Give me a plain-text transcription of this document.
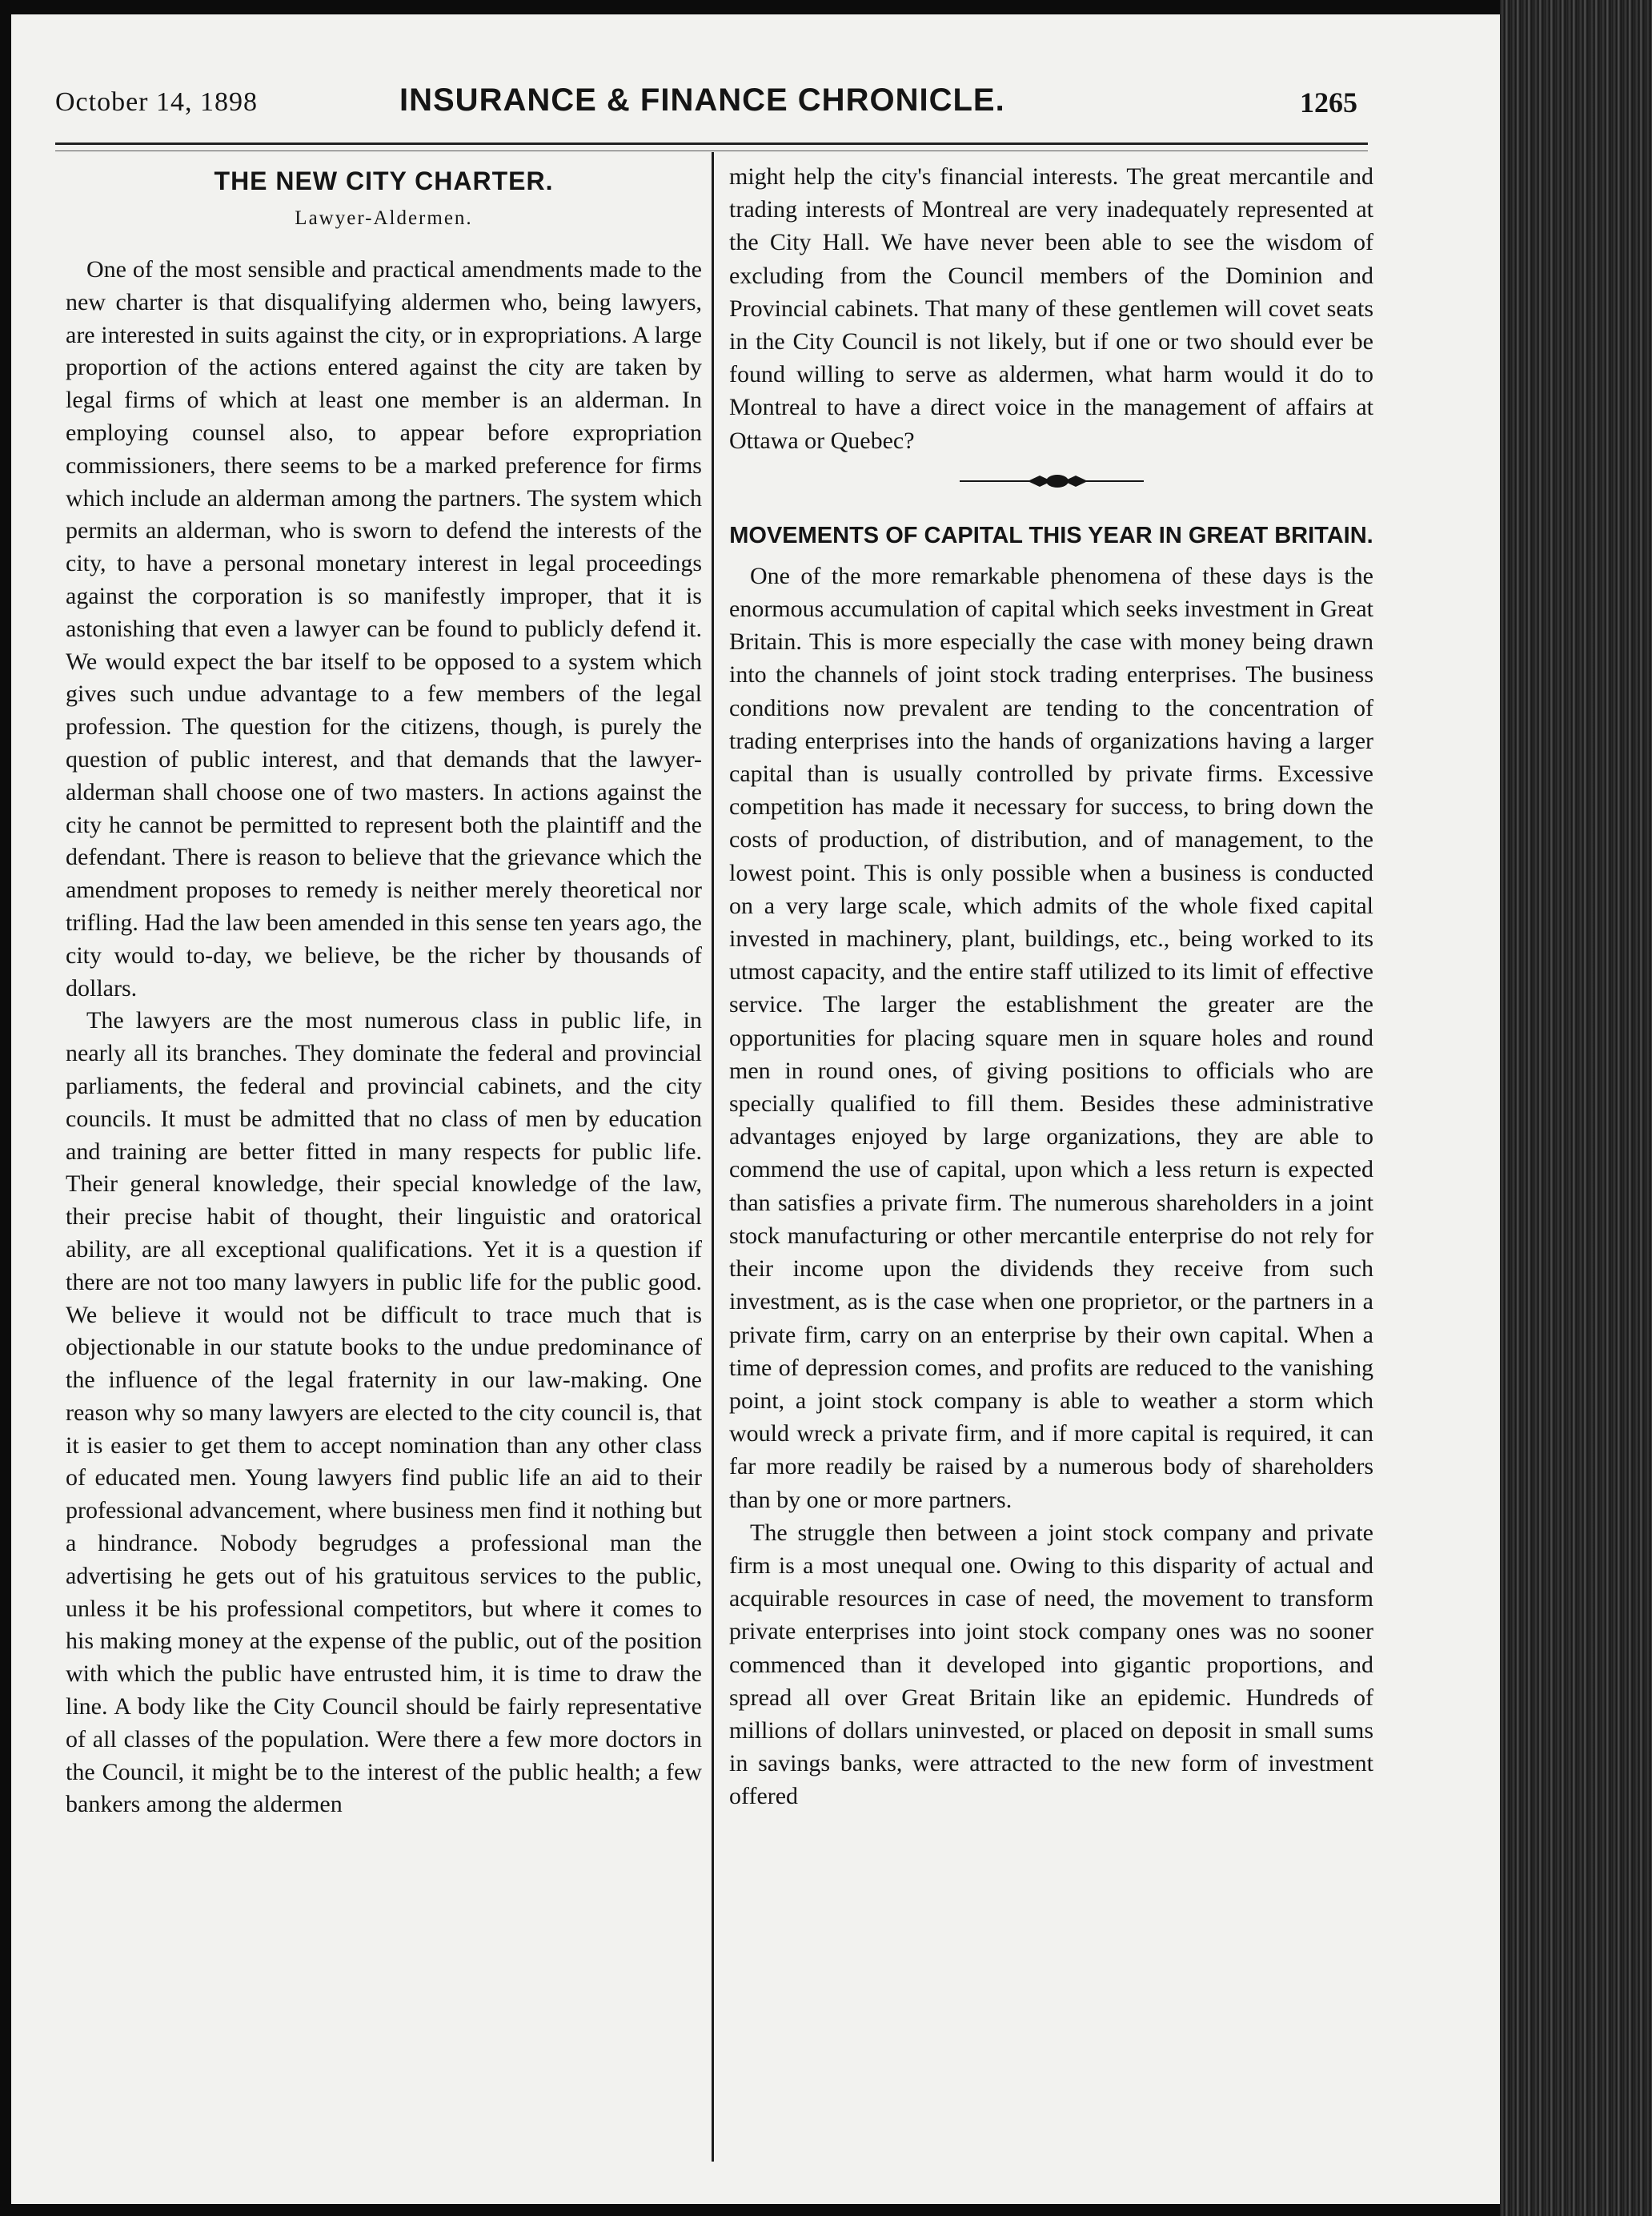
October 14, 1898	INSURANCE & FINANCE CHRONICLE.	1265
THE NEW CITY CHARTER.
Lawyer-Aldermen.

One of the most sensible and practical amendments made to the new charter is that disqualifying aldermen who, being lawyers, are interested in suits against the city, or in expropriations. A large proportion of the actions entered against the city are taken by legal firms of which at least one member is an alderman. In employing counsel also, to appear before expropriation commissioners, there seems to be a marked preference for firms which include an alderman among the partners. The system which permits an alderman, who is sworn to defend the interests of the city, to have a personal monetary interest in legal proceedings against the corporation is so manifestly improper, that it is astonishing that even a lawyer can be found to publicly defend it. We would expect the bar itself to be opposed to a system which gives such undue advantage to a few members of the legal profession. The question for the citizens, though, is purely the question of public interest, and that demands that the lawyer-alderman shall choose one of two masters. In actions against the city he cannot be permitted to represent both the plaintiff and the defendant. There is reason to believe that the grievance which the amendment proposes to remedy is neither merely theoretical nor trifling. Had the law been amended in this sense ten years ago, the city would to-day, we believe, be the richer by thousands of dollars.

The lawyers are the most numerous class in public life, in nearly all its branches. They dominate the federal and provincial parliaments, the federal and provincial cabinets, and the city councils. It must be admitted that no class of men by education and training are better fitted in many respects for public life. Their general knowledge, their special knowledge of the law, their precise habit of thought, their linguistic and oratorical ability, are all exceptional qualifications. Yet it is a question if there are not too many lawyers in public life for the public good. We believe it would not be difficult to trace much that is objectionable in our statute books to the undue predominance of the influence of the legal fraternity in our law-making. One reason why so many lawyers are elected to the city council is, that it is easier to get them to accept nomination than any other class of educated men. Young lawyers find public life an aid to their professional advancement, where business men find it nothing but a hindrance. Nobody begrudges a professional man the advertising he gets out of his gratuitous services to the public, unless it be his professional competitors, but where it comes to his making money at the expense of the public, out of the position with which the public have entrusted him, it is time to draw the line. A body like the City Council should be fairly representative of all classes of the population. Were there a few more doctors in the Council, it might be to the interest of the public health; a few bankers among the aldermen

might help the city's financial interests. The great mercantile and trading interests of Montreal are very inadequately represented at the City Hall. We have never been able to see the wisdom of excluding from the Council members of the Dominion and Provincial cabinets. That many of these gentlemen will covet seats in the City Council is not likely, but if one or two should ever be found willing to serve as aldermen, what harm would it do to Montreal to have a direct voice in the management of affairs at Ottawa or Quebec?

MOVEMENTS OF CAPITAL THIS YEAR IN GREAT BRITAIN.

One of the more remarkable phenomena of these days is the enormous accumulation of capital which seeks investment in Great Britain. This is more especially the case with money being drawn into the channels of joint stock trading enterprises. The business conditions now prevalent are tending to the concentration of trading enterprises into the hands of organizations having a larger capital than is usually controlled by private firms. Excessive competition has made it necessary for success, to bring down the costs of production, of distribution, and of management, to the lowest point. This is only possible when a business is conducted on a very large scale, which admits of the whole fixed capital invested in machinery, plant, buildings, etc., being worked to its utmost capacity, and the entire staff utilized to its limit of effective service. The larger the establishment the greater are the opportunities for placing square men in square holes and round men in round ones, of giving positions to officials who are specially qualified to fill them. Besides these administrative advantages enjoyed by large organizations, they are able to commend the use of capital, upon which a less return is expected than satisfies a private firm. The numerous shareholders in a joint stock manufacturing or other mercantile enterprise do not rely for their income upon the dividends they receive from such investment, as is the case when one proprietor, or the partners in a private firm, carry on an enterprise by their own capital. When a time of depression comes, and profits are reduced to the vanishing point, a joint stock company is able to weather a storm which would wreck a private firm, and if more capital is required, it can far more readily be raised by a numerous body of shareholders than by one or more partners.

The struggle then between a joint stock company and private firm is a most unequal one. Owing to this disparity of actual and acquirable resources in case of need, the movement to transform private enterprises into joint stock company ones was no sooner commenced than it developed into gigantic proportions, and spread all over Great Britain like an epidemic. Hundreds of millions of dollars uninvested, or placed on deposit in small sums in savings banks, were attracted to the new form of investment offered
